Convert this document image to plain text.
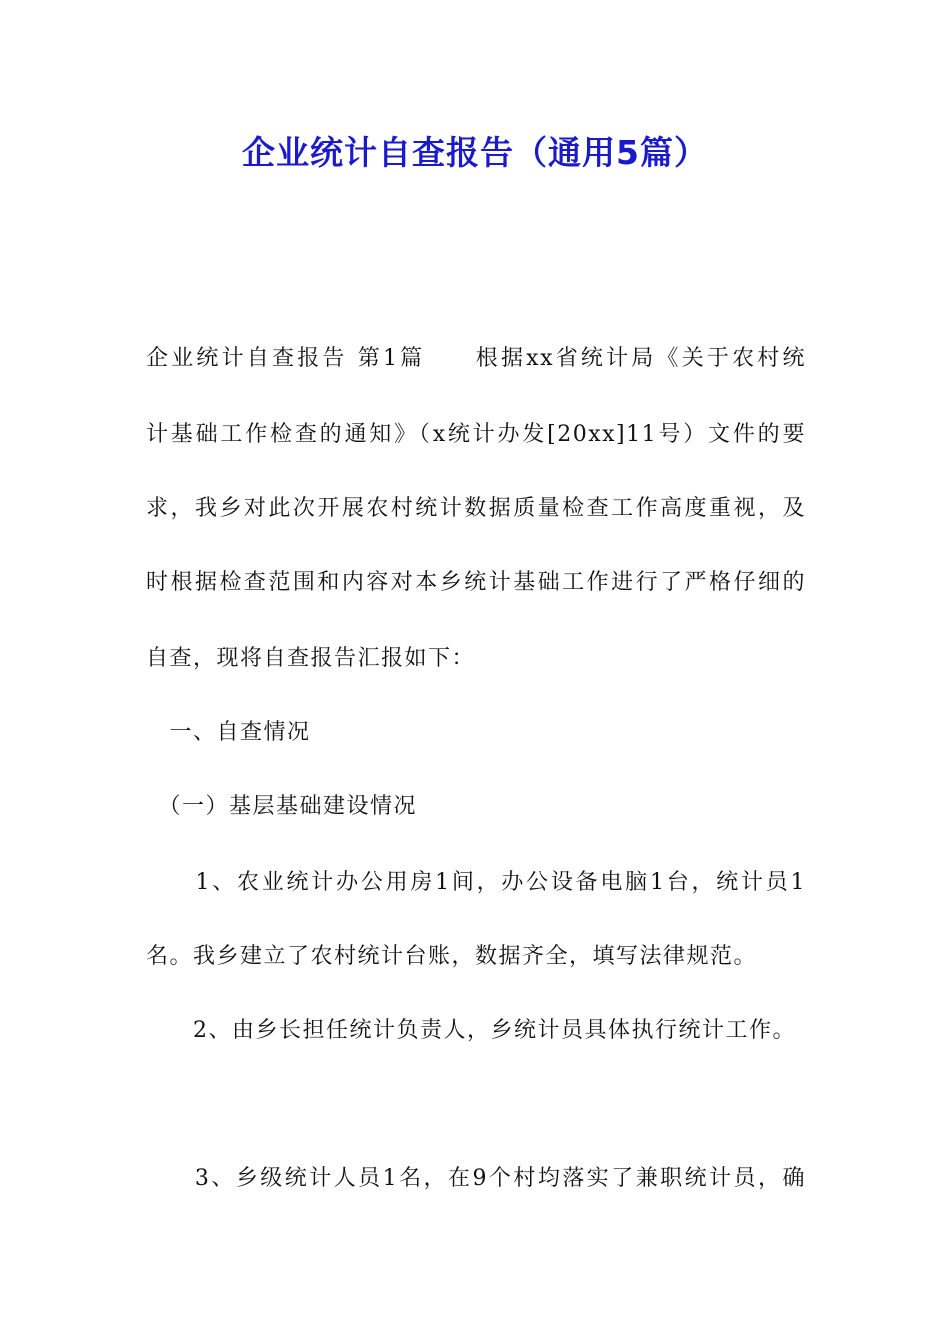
企业统计自查报告（通用5篇）

企业统计自查报告 第1篇　　根据xx省统计局《关于农村统

计基础工作检查的通知》（x统计办发[20xx]11号）文件的要

求，我乡对此次开展农村统计数据质量检查工作高度重视，及

时根据检查范围和内容对本乡统计基础工作进行了严格仔细的

自查，现将自查报告汇报如下：

　一、自查情况

　（一）基层基础建设情况

　　1、农业统计办公用房1间，办公设备电脑1台，统计员1

名。我乡建立了农村统计台账，数据齐全，填写法律规范。

　　2、由乡长担任统计负责人，乡统计员具体执行统计工作。

　　3、乡级统计人员1名，在9个村均落实了兼职统计员，确
